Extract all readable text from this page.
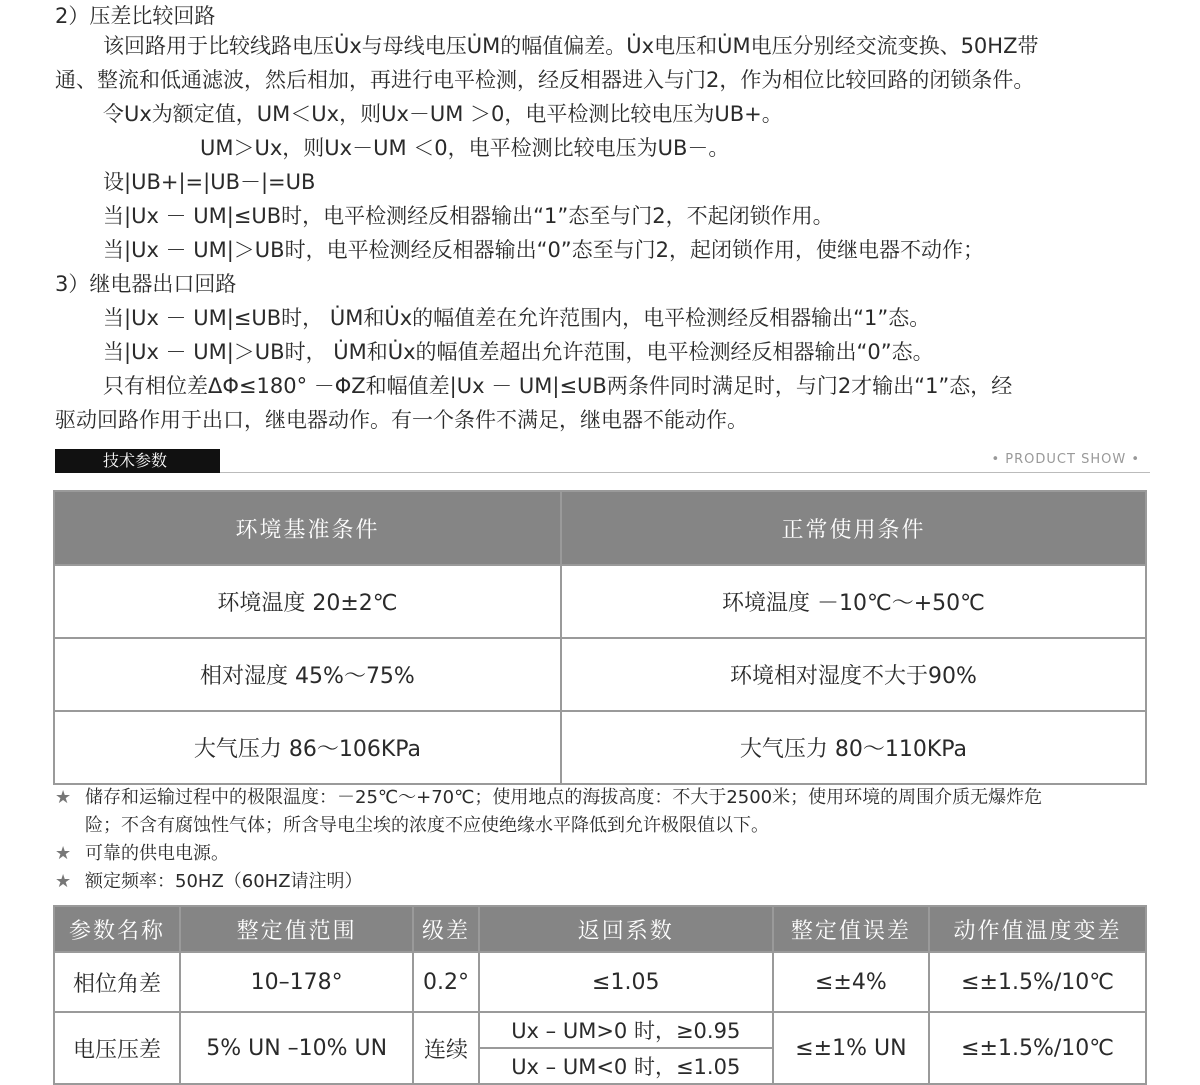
2）压差比较回路
该回路用于比较线路电压U̇x与母线电压U̇M的幅值偏差。U̇x电压和U̇M电压分别经交流变换、50HZ带
通、整流和低通滤波，然后相加，再进行电平检测，经反相器进入与门2，作为相位比较回路的闭锁条件。
令Ux为额定值，UM＜Ux，则Ux－UM ＞0，电平检测比较电压为UB+。
UM＞Ux，则Ux－UM ＜0，电平检测比较电压为UB－。
设|UB+|=|UB－|=UB
当|Ux － UM|≤UB时，电平检测经反相器输出“1”态至与门2，不起闭锁作用。
当|Ux － UM|＞UB时，电平检测经反相器输出“0”态至与门2，起闭锁作用，使继电器不动作；
3）继电器出口回路
当|Ux － UM|≤UB时， U̇M和U̇x的幅值差在允许范围内，电平检测经反相器输出“1”态。
当|Ux － UM|＞UB时， U̇M和U̇x的幅值差超出允许范围，电平检测经反相器输出“0”态。
只有相位差ΔΦ≤180° －ΦZ和幅值差|Ux － UM|≤UB两条件同时满足时，与门2才输出“1”态，经
驱动回路作用于出口，继电器动作。有一个条件不满足，继电器不能动作。
技术参数	• PRODUCT SHOW •
环境基准条件	正常使用条件
环境温度 20±2℃	环境温度 －10℃～+50℃
相对湿度 45%～75%	环境相对湿度不大于90%
大气压力 86～106KPa	大气压力 80～110KPa
★ 储存和运输过程中的极限温度：－25℃～+70℃；使用地点的海拔高度：不大于2500米；使用环境的周围介质无爆炸危
险；不含有腐蚀性气体；所含导电尘埃的浓度不应使绝缘水平降低到允许极限值以下。
★ 可靠的供电电源。
★ 额定频率：50HZ（60HZ请注明）
参数名称	整定值范围	级差	返回系数	整定值误差	动作值温度变差
相位角差	10–178°	0.2°	≤1.05	≤±4%	≤±1.5%/10℃
电压压差	5% UN –10% UN	连续	Ux – UM>0 时，≥0.95	≤±1% UN	≤±1.5%/10℃
			Ux – UM<0 时，≤1.05		
